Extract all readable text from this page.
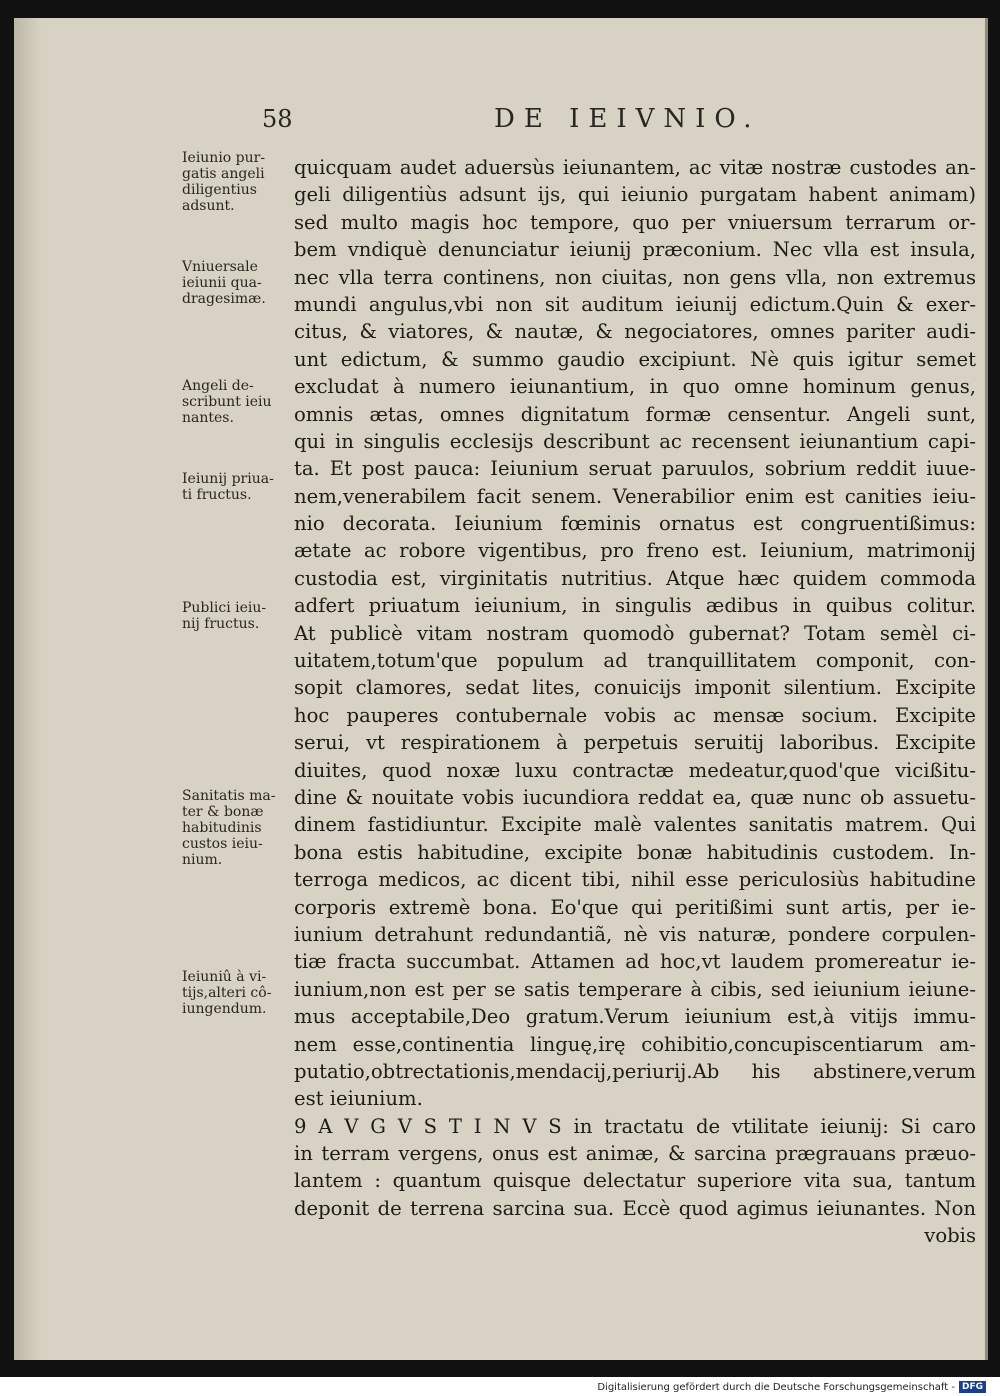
58	DE IEIVNIO.

Ieiunio pur-
gatis angeli
diligentius
adsunt.

Vniuersale
ieiunii qua-
dragesimæ.

Angeli de-
scribunt ieiu
nantes.

Ieiunij priua-
ti fructus.

Publici ieiu-
nij fructus.

Sanitatis ma-
ter & bonæ
habitudinis
custos ieiu-
nium.

Ieiuniû à vi-
tijs,alteri cô-
iungendum.

quicquam audet aduersùs ieiunantem, ac vitæ nostræ custodes an-
geli diligentiùs adsunt ijs, qui ieiunio purgatam habent animam)
sed multo magis hoc tempore, quo per vniuersum terrarum or-
bem vndiquè denunciatur ieiunij præconium. Nec vlla est insula,
nec vlla terra continens, non ciuitas, non gens vlla, non extremus
mundi angulus,vbi non sit auditum ieiunij edictum.Quin & exer-
citus, & viatores, & nautæ, & negociatores, omnes pariter audi-
unt edictum, & summo gaudio excipiunt. Nè quis igitur semet
excludat à numero ieiunantium, in quo omne hominum genus,
omnis ætas, omnes dignitatum formæ censentur. Angeli sunt,
qui in singulis ecclesijs describunt ac recensent ieiunantium capi-
ta. Et post pauca: Ieiunium seruat paruulos, sobrium reddit iuue-
nem,venerabilem facit senem. Venerabilior enim est canities ieiu-
nio decorata. Ieiunium fœminis ornatus est congruentißimus:
ætate ac robore vigentibus, pro freno est. Ieiunium, matrimonij
custodia est, virginitatis nutritius. Atque hæc quidem commoda
adfert priuatum ieiunium, in singulis ædibus in quibus colitur.
At publicè vitam nostram quomodò gubernat? Totam semèl ci-
uitatem,totum'que populum ad tranquillitatem componit, con-
sopit clamores, sedat lites, conuicijs imponit silentium. Excipite
hoc pauperes contubernale vobis ac mensæ socium. Excipite
serui, vt respirationem à perpetuis seruitij laboribus. Excipite
diuites, quod noxæ luxu contractæ medeatur,quod'que vicißitu-
dine & nouitate vobis iucundiora reddat ea, quæ nunc ob assuetu-
dinem fastidiuntur. Excipite malè valentes sanitatis matrem. Qui
bona estis habitudine, excipite bonæ habitudinis custodem. In-
terroga medicos, ac dicent tibi, nihil esse periculosiùs habitudine
corporis extremè bona. Eo'que qui peritißimi sunt artis, per ie-
iunium detrahunt redundantiã, nè vis naturæ, pondere corpulen-
tiæ fracta succumbat. Attamen ad hoc,vt laudem promereatur ie-
iunium,non est per se satis temperare à cibis, sed ieiunium ieiune-
mus acceptabile,Deo gratum.Verum ieiunium est,à vitijs immu-
nem esse,continentia linguę,irę cohibitio,concupiscentiarum am-
putatio,obtrectationis,mendacij,periurij.Ab his abstinere,verum
est ieiunium.
9 A V G V S T I N V S in tractatu de vtilitate ieiunij: Si caro
in terram vergens, onus est animæ, & sarcina prægrauans præuo-
lantem : quantum quisque delectatur superiore vita sua, tantum
deponit de terrena sarcina sua. Eccè quod agimus ieiunantes. Non
vobis
Digitalisierung gefördert durch die Deutsche Forschungsgemeinschaft - DFG
